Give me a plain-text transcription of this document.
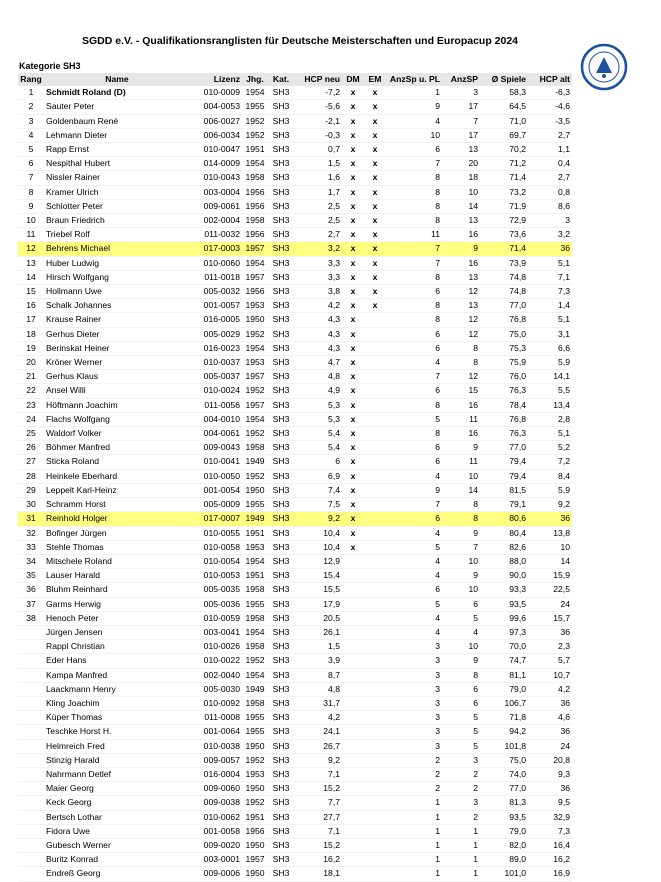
SGDD e.V. - Qualifikationsranglisten für Deutsche Meisterschaften und Europacup 2024
Kategorie SH3
Rang	Name	Lizenz	Jhg.	Kat.	HCP neu	DM	EM	AnzSp u. PL	AnzSP	Ø Spiele	HCP alt
1	Schmidt Roland (D)	010-0009	1954	SH3	-7,2	x	x	1	3	58,3	-6,3
2	Sauter Peter	004-0053	1955	SH3	-5,6	x	x	9	17	64,5	-4,6
3	Goldenbaum René	006-0027	1952	SH3	-2,1	x	x	4	7	71,0	-3,5
4	Lehmann Dieter	006-0034	1952	SH3	-0,3	x	x	10	17	69,7	2,7
5	Rapp Ernst	010-0047	1951	SH3	0,7	x	x	6	13	70,2	1,1
6	Nespithal Hubert	014-0009	1954	SH3	1,5	x	x	7	20	71,2	0,4
7	Nissler Rainer	010-0043	1958	SH3	1,6	x	x	8	18	71,4	2,7
8	Kramer Ulrich	003-0004	1956	SH3	1,7	x	x	8	10	73,2	0,8
9	Schlotter Peter	009-0061	1956	SH3	2,5	x	x	8	14	71,9	8,6
10	Braun Friedrich	002-0004	1958	SH3	2,5	x	x	8	13	72,9	3
11	Triebel Rolf	011-0032	1956	SH3	2,7	x	x	11	16	73,6	3,2
12	Behrens Michael	017-0003	1957	SH3	3,2	x	x	7	9	71,4	36
13	Huber Ludwig	010-0060	1954	SH3	3,3	x	x	7	16	73,9	5,1
14	Hirsch Wolfgang	011-0018	1957	SH3	3,3	x	x	8	13	74,8	7,1
15	Hollmann Uwe	005-0032	1956	SH3	3,8	x	x	6	12	74,8	7,3
16	Schalk Johannes	001-0057	1953	SH3	4,2	x	x	8	13	77,0	1,4
17	Krause Rainer	016-0005	1950	SH3	4,3	x		8	12	76,8	5,1
18	Gerhus Dieter	005-0029	1952	SH3	4,3	x		6	12	75,0	3,1
19	Berinskat Heiner	016-0023	1954	SH3	4,3	x		6	8	75,3	6,6
20	Kröner Werner	010-0037	1953	SH3	4,7	x		4	8	75,9	5,9
21	Gerhus Klaus	005-0037	1957	SH3	4,8	x		7	12	76,0	14,1
22	Ansel Willi	010-0024	1952	SH3	4,9	x		6	15	76,3	5,5
23	Höftmann Joachim	011-0056	1957	SH3	5,3	x		8	16	78,4	13,4
24	Flachs Wolfgang	004-0010	1954	SH3	5,3	x		5	11	76,8	2,8
25	Waldorf Volker	004-0061	1952	SH3	5,4	x		8	16	76,3	5,1
26	Böhmer Manfred	009-0043	1958	SH3	5,4	x		6	9	77,0	5,2
27	Sticka Roland	010-0041	1949	SH3	6	x		6	11	79,4	7,2
28	Heinkele Eberhard	010-0050	1952	SH3	6,9	x		4	10	79,4	8,4
29	Leppelt Karl-Heinz	001-0054	1950	SH3	7,4	x		9	14	81,5	5,9
30	Schramm Horst	005-0009	1955	SH3	7,5	x		7	8	79,1	9,2
31	Reinhold Holger	017-0007	1949	SH3	9,2	x		6	8	80,6	36
32	Bofinger Jürgen	010-0055	1951	SH3	10,4	x		4	9	80,4	13,8
33	Stehle Thomas	010-0058	1953	SH3	10,4	x		5	7	82,6	10
34	Mitschele Roland	010-0054	1954	SH3	12,9			4	10	88,0	14
35	Lauser Harald	010-0053	1951	SH3	15,4			4	9	90,0	15,9
36	Bluhm Reinhard	005-0035	1958	SH3	15,5			6	10	93,3	22,5
37	Garms Herwig	005-0036	1955	SH3	17,9			5	6	93,5	24
38	Henoch Peter	010-0059	1958	SH3	20,5			4	5	99,6	15,7
	Jürgen Jensen	003-0041	1954	SH3	26,1			4	4	97,3	36
	Rappl Christian	010-0026	1958	SH3	1,5			3	10	70,0	2,3
	Eder Hans	010-0022	1952	SH3	3,9			3	9	74,7	5,7
	Kampa Manfred	002-0040	1954	SH3	8,7			3	8	81,1	10,7
	Laackmann Henry	005-0030	1949	SH3	4,8			3	6	79,0	4,2
	Kling Joachim	010-0092	1958	SH3	31,7			3	6	106,7	36
	Küper Thomas	011-0008	1955	SH3	4,2			3	5	71,8	4,6
	Teschke Horst H.	001-0064	1955	SH3	24,1			3	5	94,2	36
	Helmreich Fred	010-0038	1950	SH3	26,7			3	5	101,8	24
	Stinzig Harald	009-0057	1952	SH3	9,2			2	3	75,0	20,8
	Nahrmann Detlef	016-0004	1953	SH3	7,1			2	2	74,0	9,3
	Maier Georg	009-0060	1950	SH3	15,2			2	2	77,0	36
	Keck Georg	009-0038	1952	SH3	7,7			1	3	81,3	9,5
	Bertsch Lothar	010-0062	1951	SH3	27,7			1	2	93,5	32,9
	Fidora Uwe	001-0058	1956	SH3	7,1			1	1	79,0	7,3
	Gubesch Werner	009-0020	1950	SH3	15,2			1	1	82,0	16,4
	Buritz Konrad	003-0001	1957	SH3	16,2			1	1	89,0	16,2
	Endreß Georg	009-0006	1950	SH3	18,1			1	1	101,0	16,9
